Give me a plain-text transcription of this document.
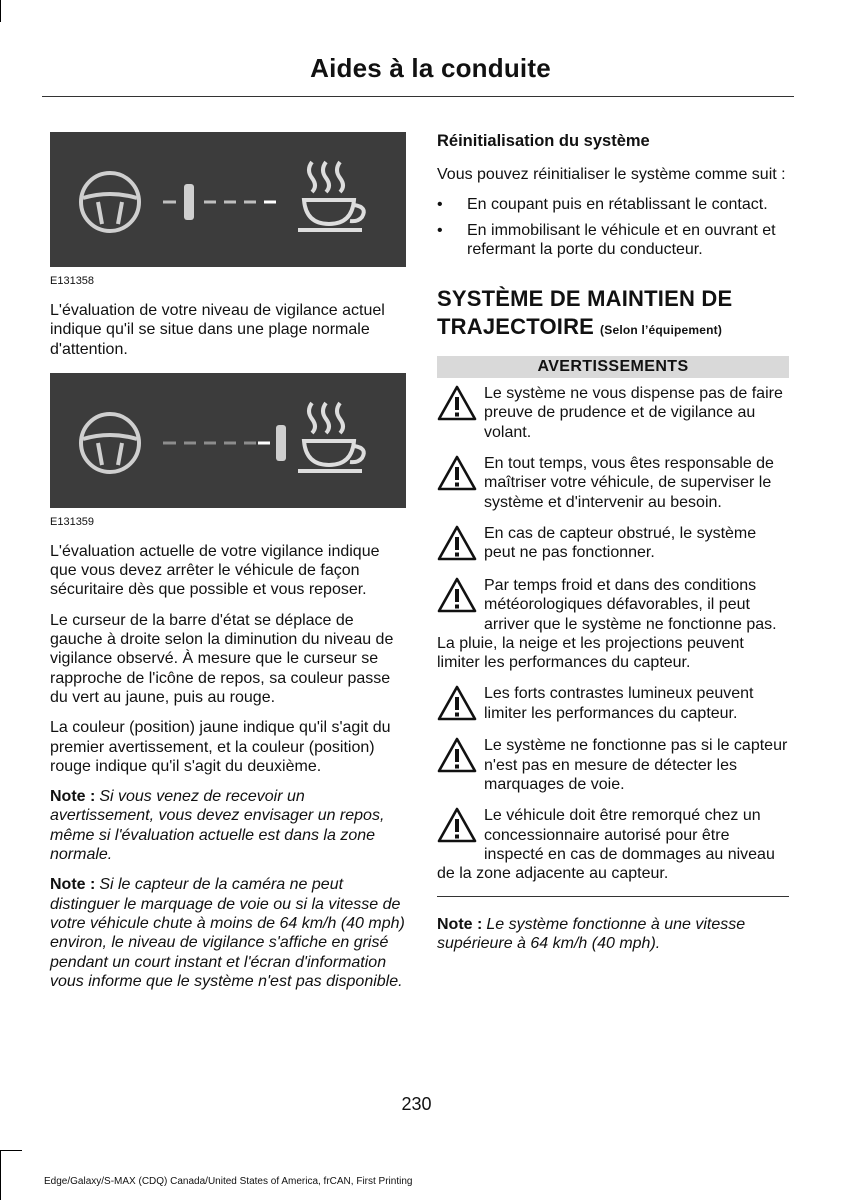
Aides à la conduite
E131358

L'évaluation de votre niveau de vigilance actuel indique qu'il se situe dans une plage normale d'attention.

E131359

L'évaluation actuelle de votre vigilance indique que vous devez arrêter le véhicule de façon sécuritaire dès que possible et vous reposer.

Le curseur de la barre d'état se déplace de gauche à droite selon la diminution du niveau de vigilance observé. À mesure que le curseur se rapproche de l'icône de repos, sa couleur passe du vert au jaune, puis au rouge.

La couleur (position) jaune indique qu'il s'agit du premier avertissement, et la couleur (position) rouge indique qu'il s'agit du deuxième.

Note : Si vous venez de recevoir un avertissement, vous devez envisager un repos, même si l'évaluation actuelle est dans la zone normale.
Note : Si le capteur de la caméra ne peut distinguer le marquage de voie ou si la vitesse de votre véhicule chute à moins de 64 km/h (40 mph) environ, le niveau de vigilance s'affiche en grisé pendant un court instant et l'écran d'information vous informe que le système n'est pas disponible.
Réinitialisation du système

Vous pouvez réinitialiser le système comme suit :

• En coupant puis en rétablissant le contact.
• En immobilisant le véhicule et en ouvrant et refermant la porte du conducteur.
SYSTÈME DE MAINTIEN DE
TRAJECTOIRE (Selon l’équipement)
AVERTISSEMENTS
Le système ne vous dispense pas de faire preuve de prudence et de vigilance au volant.
En tout temps, vous êtes responsable de maîtriser votre véhicule, de superviser le système et d'intervenir au besoin.
En cas de capteur obstrué, le système peut ne pas fonctionner.
Par temps froid et dans des conditions météorologiques défavorables, il peut arriver que le système ne fonctionne pas. La pluie, la neige et les projections peuvent limiter les performances du capteur.
Les forts contrastes lumineux peuvent limiter les performances du capteur.
Le système ne fonctionne pas si le capteur n'est pas en mesure de détecter les marquages de voie.
Le véhicule doit être remorqué chez un concessionnaire autorisé pour être inspecté en cas de dommages au niveau de la zone adjacente au capteur.
Note : Le système fonctionne à une vitesse supérieure à 64 km/h (40 mph).
230
Edge/Galaxy/S-MAX (CDQ) Canada/United States of America, frCAN, First Printing
